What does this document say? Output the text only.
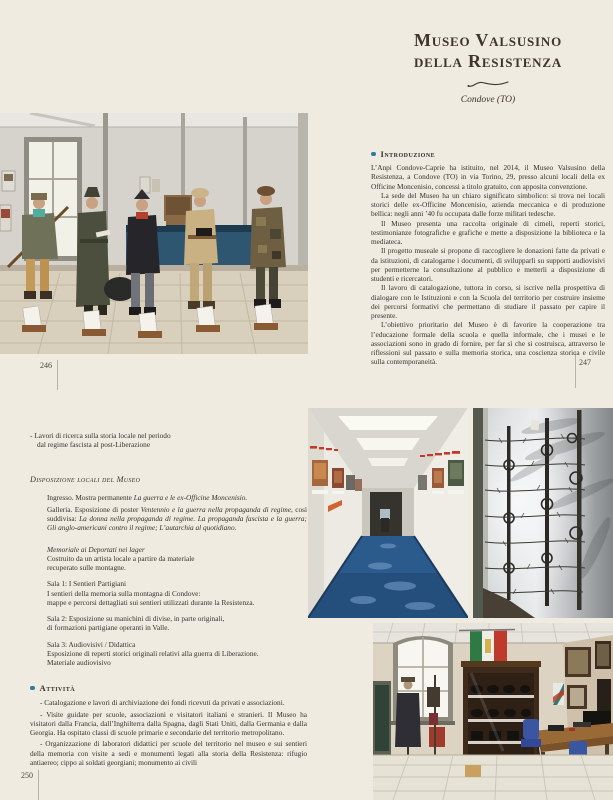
Museo Valsusino
della Resistenza
Condove (TO)
246	247
250
Introduzione

L’Anpi Condove-Caprie ha istituito, nel 2014, il Museo Valsusino della Resistenza, a Condove (TO) in via Torino, 29, presso alcuni locali della ex Officine Moncenisio, concessi a titolo gratuito, con apposita convenzione.

La sede del Museo ha un chiaro significato simbolico: si trova nei locali storici delle ex-Officine Moncenisio, azienda meccanica e di produzione bellica: negli anni ’40 fu occupata dalle forze militari tedesche.

Il Museo presenta una raccolta originale di cimeli, reperti storici, testimonianze fotografiche e grafiche e mette a disposizione la biblioteca e la mediateca.

Il progetto museale si propone di raccogliere le donazioni fatte da privati e da istituzioni, di catalogarne i documenti, di svilupparli su supporti audiovisivi per permetterne la consultazione al pubblico e metterli a disposizione di studenti e ricercatori.

Il lavoro di catalogazione, tuttora in corso, si iscrive nella prospettiva di dialogare con le Istituzioni e con la Scuola del territorio per costruire insieme dei percorsi formativi che permettano di studiare il passato per capire il presente.

L’obiettivo prioritario del Museo è di favorire la cooperazione tra l’educazione formale della scuola e quella informale, che i musei e le associazioni sono in grado di fornire, per far sì che si costruisca, attraverso le riflessioni sul passato e sulla memoria storica, una coscienza storica e civile sulla contemporaneità.

- Lavori di ricerca sulla storia locale nel periodo

dal regime fascista al post-Liberazione

Disposizione locali del Museo

Ingresso. Mostra permanente La guerra e le ex-Officine Moncenisio.

Galleria. Esposizione di poster Ventennio e la guerra nella propaganda di regime, così suddivisa: La donna nella propaganda di regime. La propaganda fascista e la guerra; Gli anglo-americani contro il regime; L’autarchia al quotidiano.

Memoriale ai Deportati nei lager

Costruito da un artista locale a partire da materiale

recuperato sulle montagne.

Sala 1: I Sentieri Partigiani

I sentieri della memoria sulla montagna di Condove:

mappe e percorsi dettagliati sui sentieri utilizzati durante la Resistenza.

Sala 2: Esposizione su manichini di divise, in parte originali,

di formazioni partigiane operanti in Valle.

Sala 3: Audiovisivi / Didattica

Esposizione di reperti storici originali relativi alla guerra di Liberazione.

Materiale audiovisivo

Attività

- Catalogazione e lavori di archiviazione dei fondi ricevuti da privati e associazioni.

- Visite guidate per scuole, associazioni e visitatori italiani e stranieri. Il Museo ha visitatori dalla Francia, dall’Inghilterra dalla Spagna, dagli Stati Uniti, dalla Germania e dalla Georgia. Ha ospitato classi di scuole primarie e secondarie del territorio metropolitano.

- Organizzazione di laboratori didattici per scuole del territorio nel museo e sui sentieri della memoria con visite a sedi e monumenti legati alla storia della Resistenza: rifugio antiaereo; cippo ai soldati georgiani; monumento ai civili
